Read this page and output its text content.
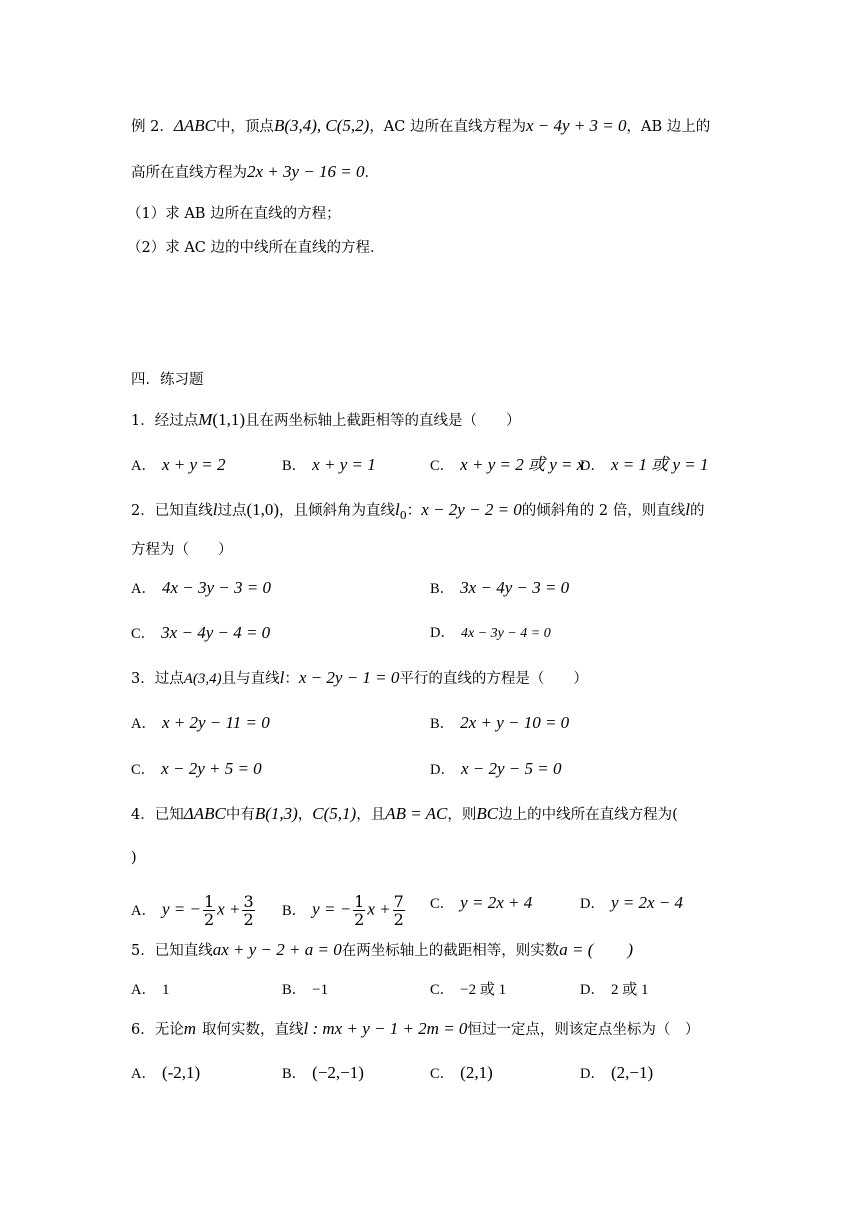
例 2．ΔABC中，顶点B(3,4), C(5,2)，AC 边所在直线方程为x − 4y + 3 = 0，AB 边上的
高所在直线方程为2x + 3y − 16 = 0．
（1）求 AB 边所在直线的方程；
（2）求 AC 边的中线所在直线的方程．
四．练习题
1．经过点M(1,1)且在两坐标轴上截距相等的直线是（　　）
A． x + y = 2	B． x + y = 1	C． x + y = 2 或 y = x
D． x = 1 或 y = 1
2．已知直线l过点(1,0)，且倾斜角为直线$l_0$：x − 2y − 2 = 0的倾斜角的 2 倍，则直线l的
方程为（　　）
A． 4x − 3y − 3 = 0	B． 3x − 4y − 3 = 0
C． 3x − 4y − 4 = 0	D． 4x − 3y − 4 = 0
3．过点A(3,4)且与直线l：x − 2y − 1 = 0平行的直线的方程是（　　）
A． x + 2y − 11 = 0	B． 2x + y − 10 = 0
C． x − 2y + 5 = 0	D． x − 2y − 5 = 0
4．已知ΔABC中有B(1,3)，C(5,1)，且AB = AC，则BC边上的中线所在直线方程为(
)
A． y = − $\frac{1}{2}$ $x + \frac{3}{2}$ B． y = − $\frac{1}{2}$ $x + \frac{7}{2}$ C． y = 2x + 4	D． y = 2x − 4
5．已知直线ax + y − 2 + a = 0在两坐标轴上的截距相等，则实数a = (　　)
A． 1	B． −1	C． −2 或 1	D． 2 或 1
6．无论m 取何实数，直线l : mx + y − 1 + 2m = 0恒过一定点，则该定点坐标为（　）
A． (-2,1)	B． (−2,−1)	C． (2,1)	D． (2,−1)
